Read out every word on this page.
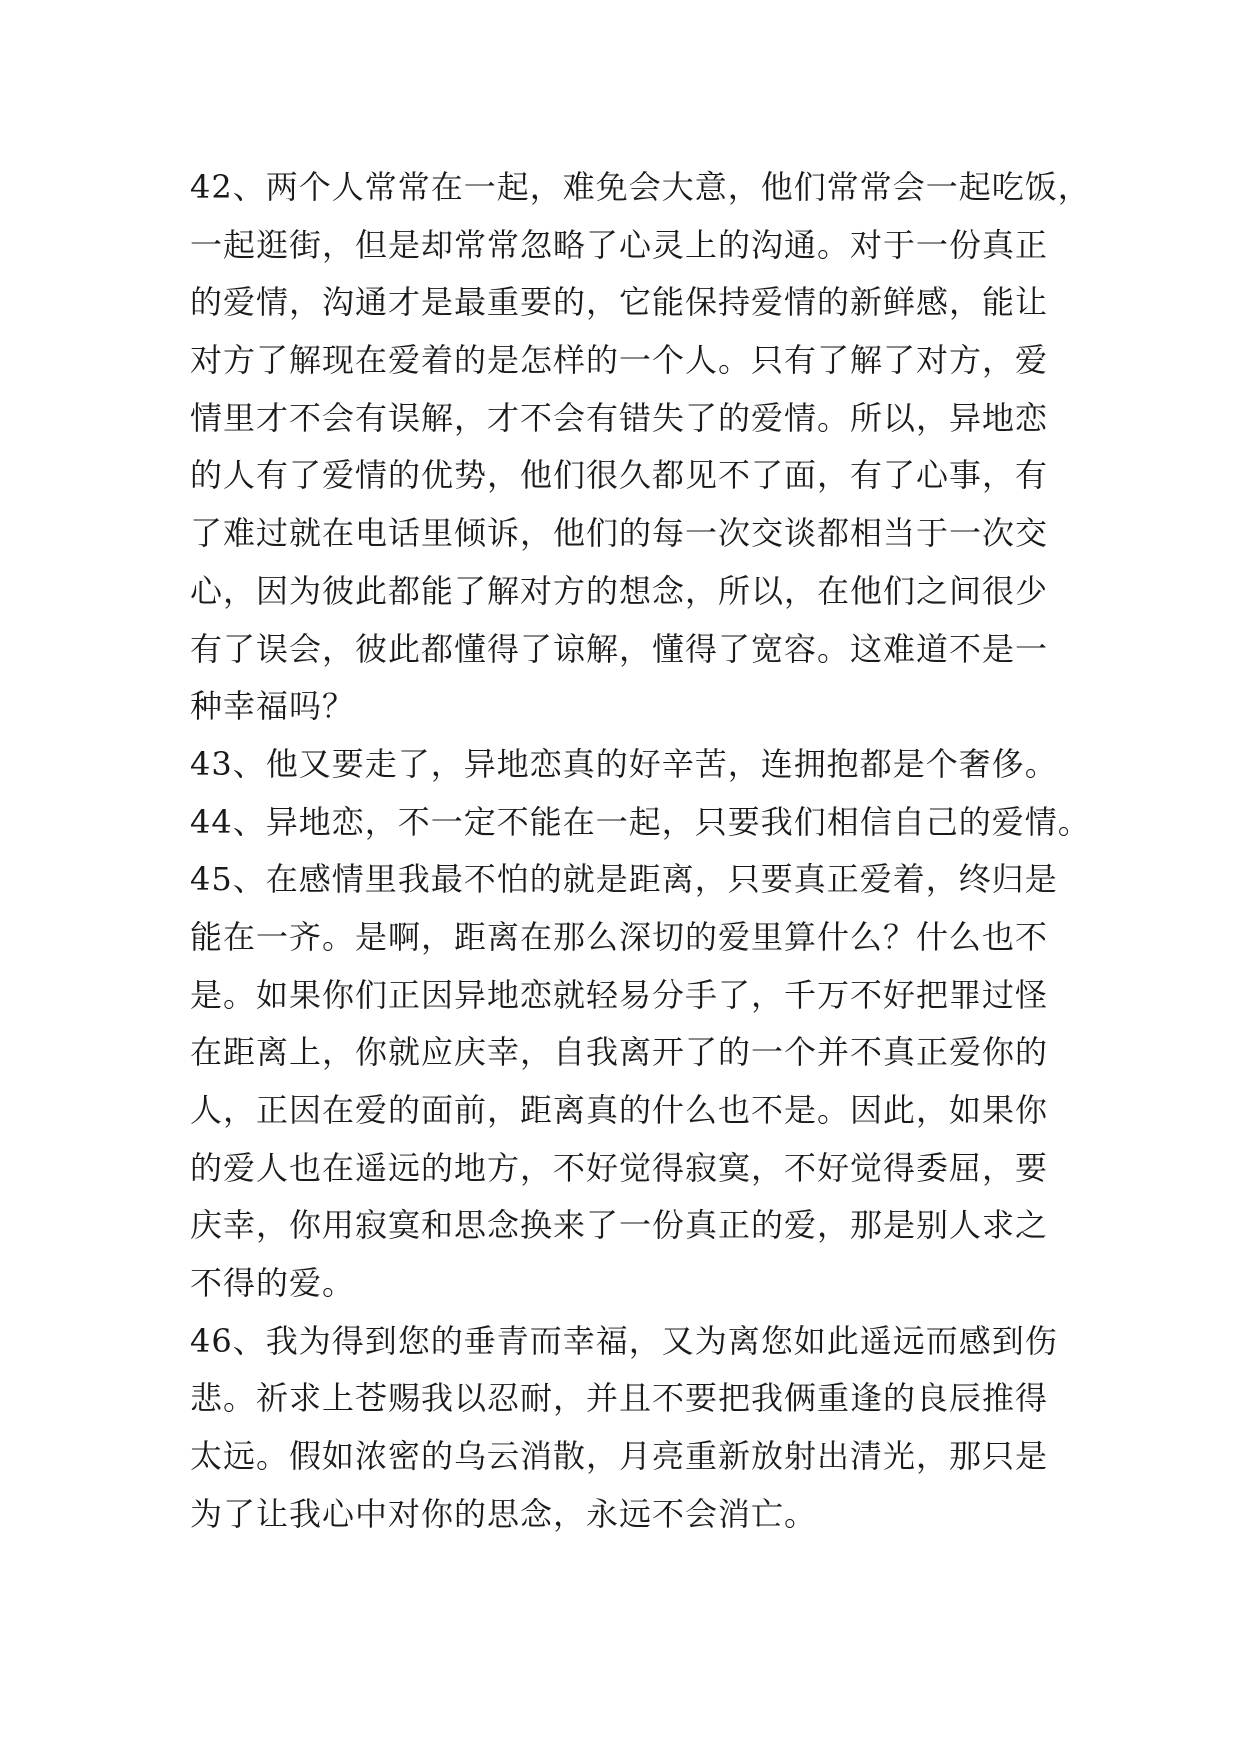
42、两个人常常在一起，难免会大意，他们常常会一起吃饭，
一起逛街，但是却常常忽略了心灵上的沟通。对于一份真正
的爱情，沟通才是最重要的，它能保持爱情的新鲜感，能让
对方了解现在爱着的是怎样的一个人。只有了解了对方，爱
情里才不会有误解，才不会有错失了的爱情。所以，异地恋
的人有了爱情的优势，他们很久都见不了面，有了心事，有
了难过就在电话里倾诉，他们的每一次交谈都相当于一次交
心，因为彼此都能了解对方的想念，所以，在他们之间很少
有了误会，彼此都懂得了谅解，懂得了宽容。这难道不是一
种幸福吗？
43、他又要走了，异地恋真的好辛苦，连拥抱都是个奢侈。
44、异地恋，不一定不能在一起，只要我们相信自己的爱情。
45、在感情里我最不怕的就是距离，只要真正爱着，终归是
能在一齐。是啊，距离在那么深切的爱里算什么？什么也不
是。如果你们正因异地恋就轻易分手了，千万不好把罪过怪
在距离上，你就应庆幸，自我离开了的一个并不真正爱你的
人，正因在爱的面前，距离真的什么也不是。因此，如果你
的爱人也在遥远的地方，不好觉得寂寞，不好觉得委屈，要
庆幸，你用寂寞和思念换来了一份真正的爱，那是别人求之
不得的爱。
46、我为得到您的垂青而幸福，又为离您如此遥远而感到伤
悲。祈求上苍赐我以忍耐，并且不要把我俩重逢的良辰推得
太远。假如浓密的乌云消散，月亮重新放射出清光，那只是
为了让我心中对你的思念，永远不会消亡。
